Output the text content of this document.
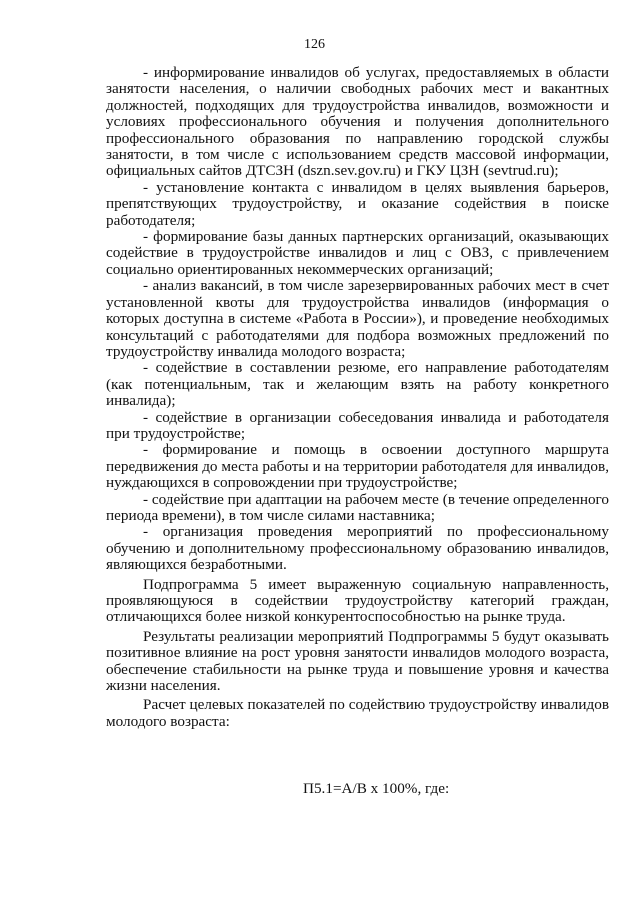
126

- информирование инвалидов об услугах, предоставляемых в области занятости населения, о наличии свободных рабочих мест и вакантных должностей, подходящих для трудоустройства инвалидов, возможности и условиях профессионального обучения и получения дополнительного профессионального образования по направлению городской службы занятости, в том числе с использованием средств массовой информации, официальных сайтов ДТСЗН (dszn.sev.gov.ru) и ГКУ ЦЗН (sevtrud.ru);

- установление контакта с инвалидом в целях выявления барьеров, препятствующих трудоустройству, и оказание содействия в поиске работодателя;

- формирование базы данных партнерских организаций, оказывающих содействие в трудоустройстве инвалидов и лиц с ОВЗ, с привлечением социально ориентированных некоммерческих организаций;

- анализ вакансий, в том числе зарезервированных рабочих мест в счет установленной квоты для трудоустройства инвалидов (информация о которых доступна в системе «Работа в России»), и проведение необходимых консультаций с работодателями для подбора возможных предложений по трудоустройству инвалида молодого возраста;

- содействие в составлении резюме, его направление работодателям (как потенциальным, так и желающим взять на работу конкретного инвалида);

- содействие в организации собеседования инвалида и работодателя при трудоустройстве;

- формирование и помощь в освоении доступного маршрута передвижения до места работы и на территории работодателя для инвалидов, нуждающихся в сопровождении при трудоустройстве;

- содействие при адаптации на рабочем месте (в течение определенного периода времени), в том числе силами наставника;

- организация проведения мероприятий по профессиональному обучению и дополнительному профессиональному образованию инвалидов, являющихся безработными.

Подпрограмма 5 имеет выраженную социальную направленность, проявляющуюся в содействии трудоустройству категорий граждан, отличающихся более низкой конкурентоспособностью на рынке труда.

Результаты реализации мероприятий Подпрограммы 5 будут оказывать позитивное влияние на рост уровня занятости инвалидов молодого возраста, обеспечение стабильности на рынке труда и повышение уровня и качества жизни населения.

Расчет целевых показателей по содействию трудоустройству инвалидов молодого возраста:

П5.1=А/В х 100%, где:
